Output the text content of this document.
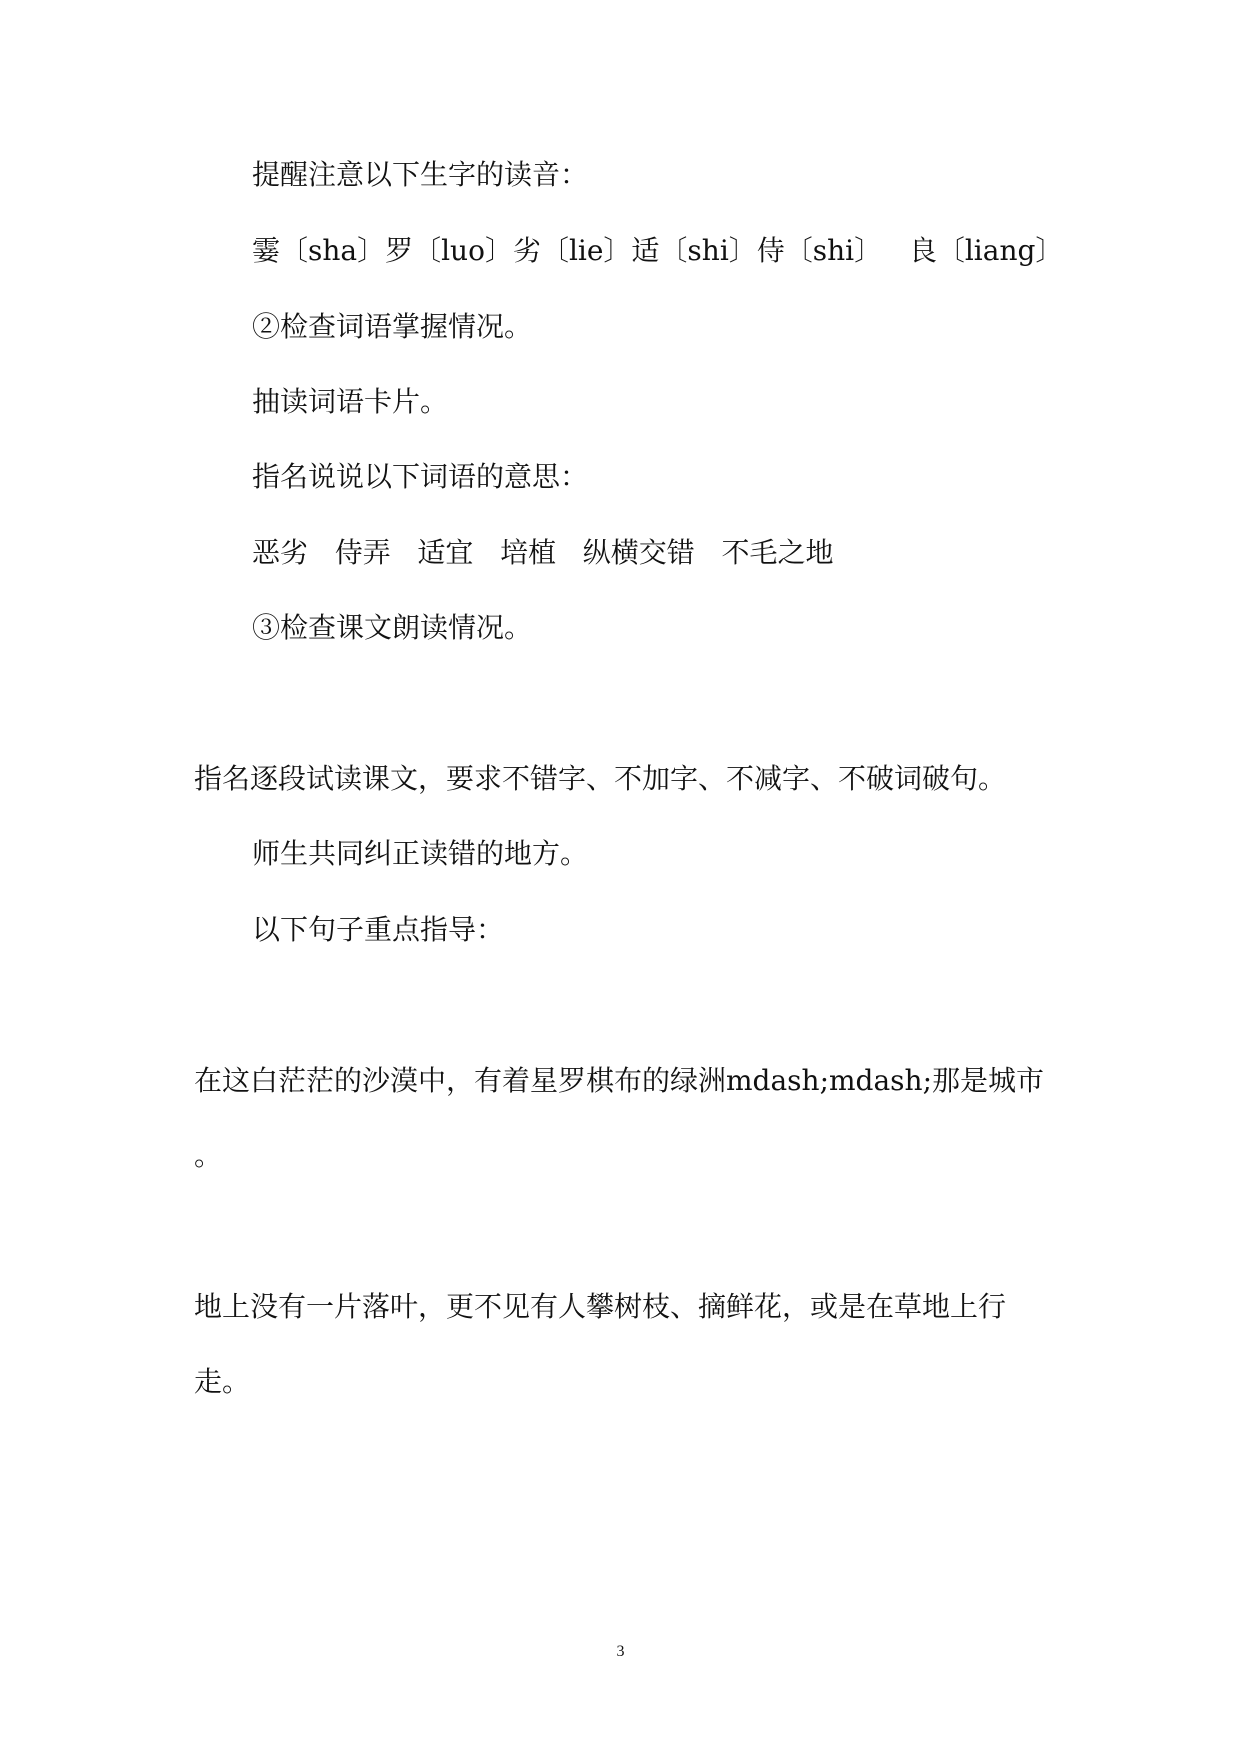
提醒注意以下生字的读音：

霎〔sha〕罗〔luo〕劣〔lie〕适〔shi〕侍〔shi〕   良〔liang〕

②检查词语掌握情况。

抽读词语卡片。

指名说说以下词语的意思：

恶劣   侍弄   适宜   培植   纵横交错   不毛之地

③检查课文朗读情况。

指名逐段试读课文，要求不错字、不加字、不减字、不破词破句。

师生共同纠正读错的地方。

以下句子重点指导：

在这白茫茫的沙漠中，有着星罗棋布的绿洲mdash;mdash;那是城市

。

地上没有一片落叶，更不见有人攀树枝、摘鲜花，或是在草地上行

走。

3
